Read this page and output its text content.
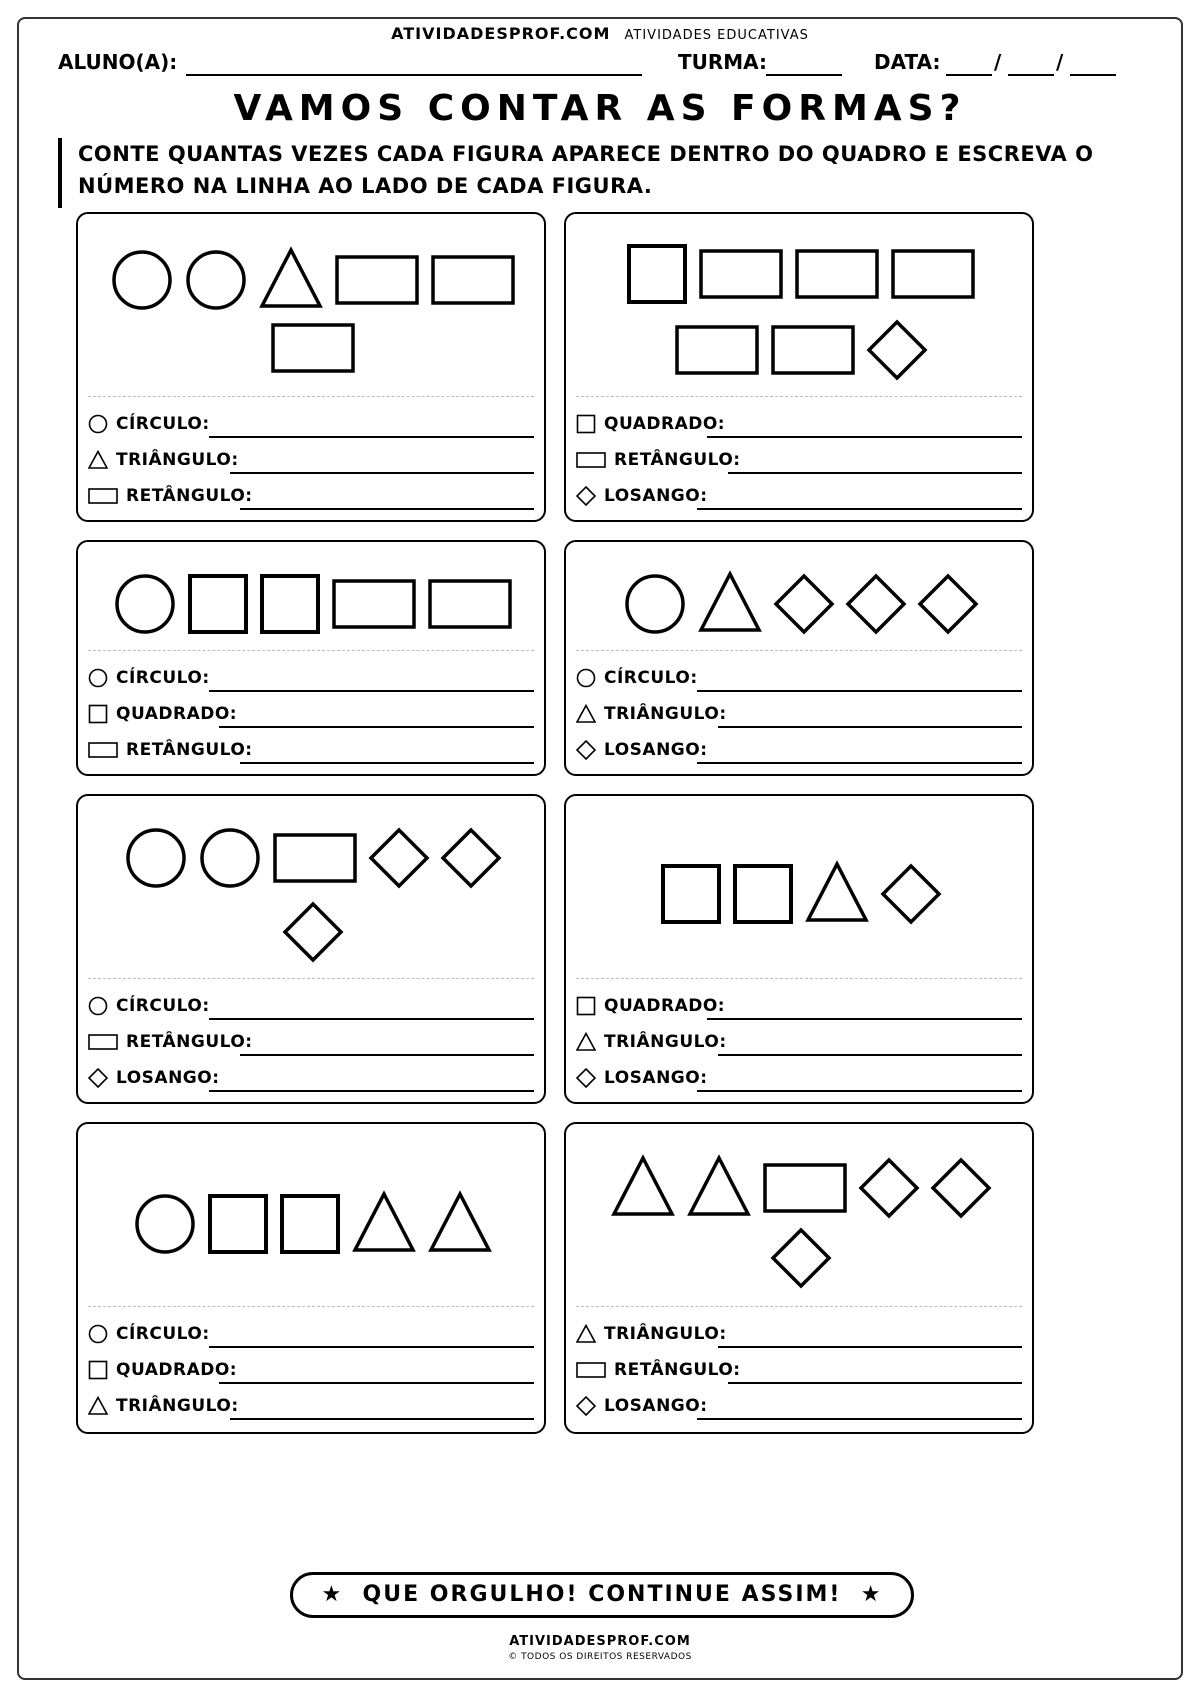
ATIVIDADESPROF.COM ATIVIDADES EDUCATIVAS
ALUNO(A):	TURMA:	DATA:	/	/
VAMOS CONTAR AS FORMAS?
CONTE QUANTAS VEZES CADA FIGURA APARECE DENTRO DO QUADRO E ESCREVA O
NÚMERO NA LINHA AO LADO DE CADA FIGURA.
CÍRCULO:
TRIÂNGULO:
RETÂNGULO:
QUADRADO:
RETÂNGULO:
LOSANGO:
CÍRCULO:
QUADRADO:
RETÂNGULO:
CÍRCULO:
TRIÂNGULO:
LOSANGO:
CÍRCULO:
RETÂNGULO:
LOSANGO:
QUADRADO:
TRIÂNGULO:
LOSANGO:
CÍRCULO:
QUADRADO:
TRIÂNGULO:
TRIÂNGULO:
RETÂNGULO:
LOSANGO:
★ QUE ORGULHO! CONTINUE ASSIM! ★
ATIVIDADESPROF.COM
© TODOS OS DIREITOS RESERVADOS
